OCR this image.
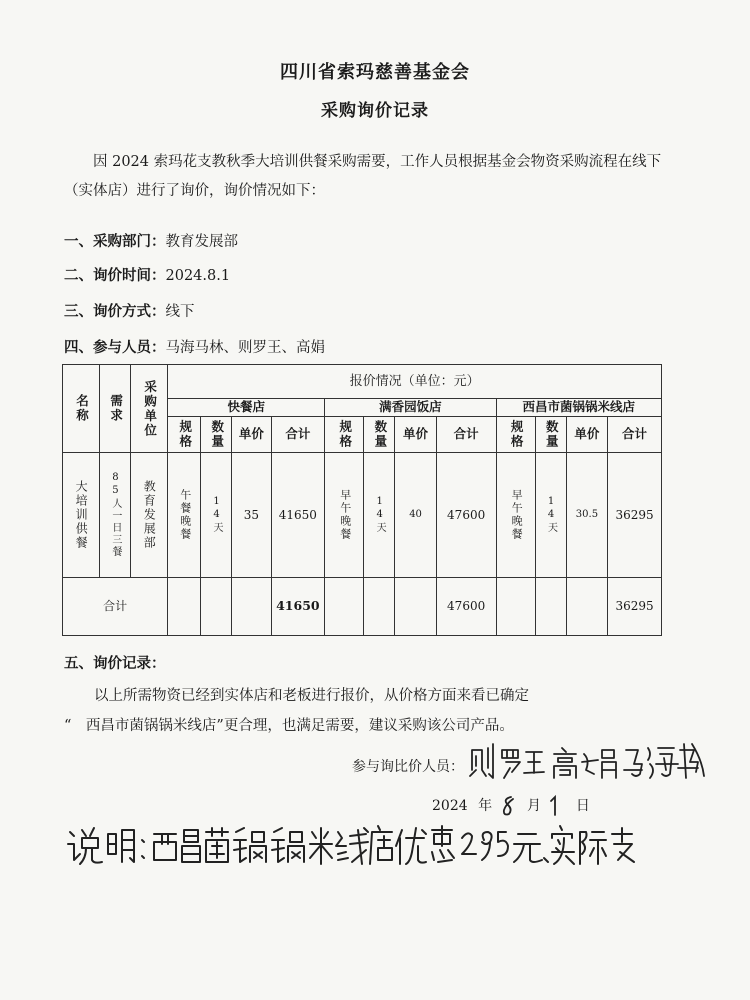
四川省索玛慈善基金会
采购询价记录
因 2024 索玛花支教秋季大培训供餐采购需要，工作人员根据基金会物资采购流程在线下（实体店）进行了询价，询价情况如下：
一、采购部门：教育发展部
二、询价时间：2024.8.1
三、询价方式：线下
四、参与人员：马海马林、则罗王、高娟
名称	需求	采购单位	报价情况（单位：元）											
			快餐店				满香园饭店				西昌市菌锅锅米线店			

			规格	数量	单价	合计	规格	数量	单价	合计	规格	数量	单价	合计

大培训供餐	85人一日三餐	教育发展部	午餐晚餐	14天	35	41650	早午晚餐	14天	40	47600	早午晚餐	14天	30.5	36295
合计						41650				47600				36295
五、询价记录：
以上所需物资已经到实体店和老板进行报价，从价格方面来看已确定
“　西昌市菌锅锅米线店”更合理，也满足需要，建议采购该公司产品。
参与询比价人员：
2024 年 月 日
